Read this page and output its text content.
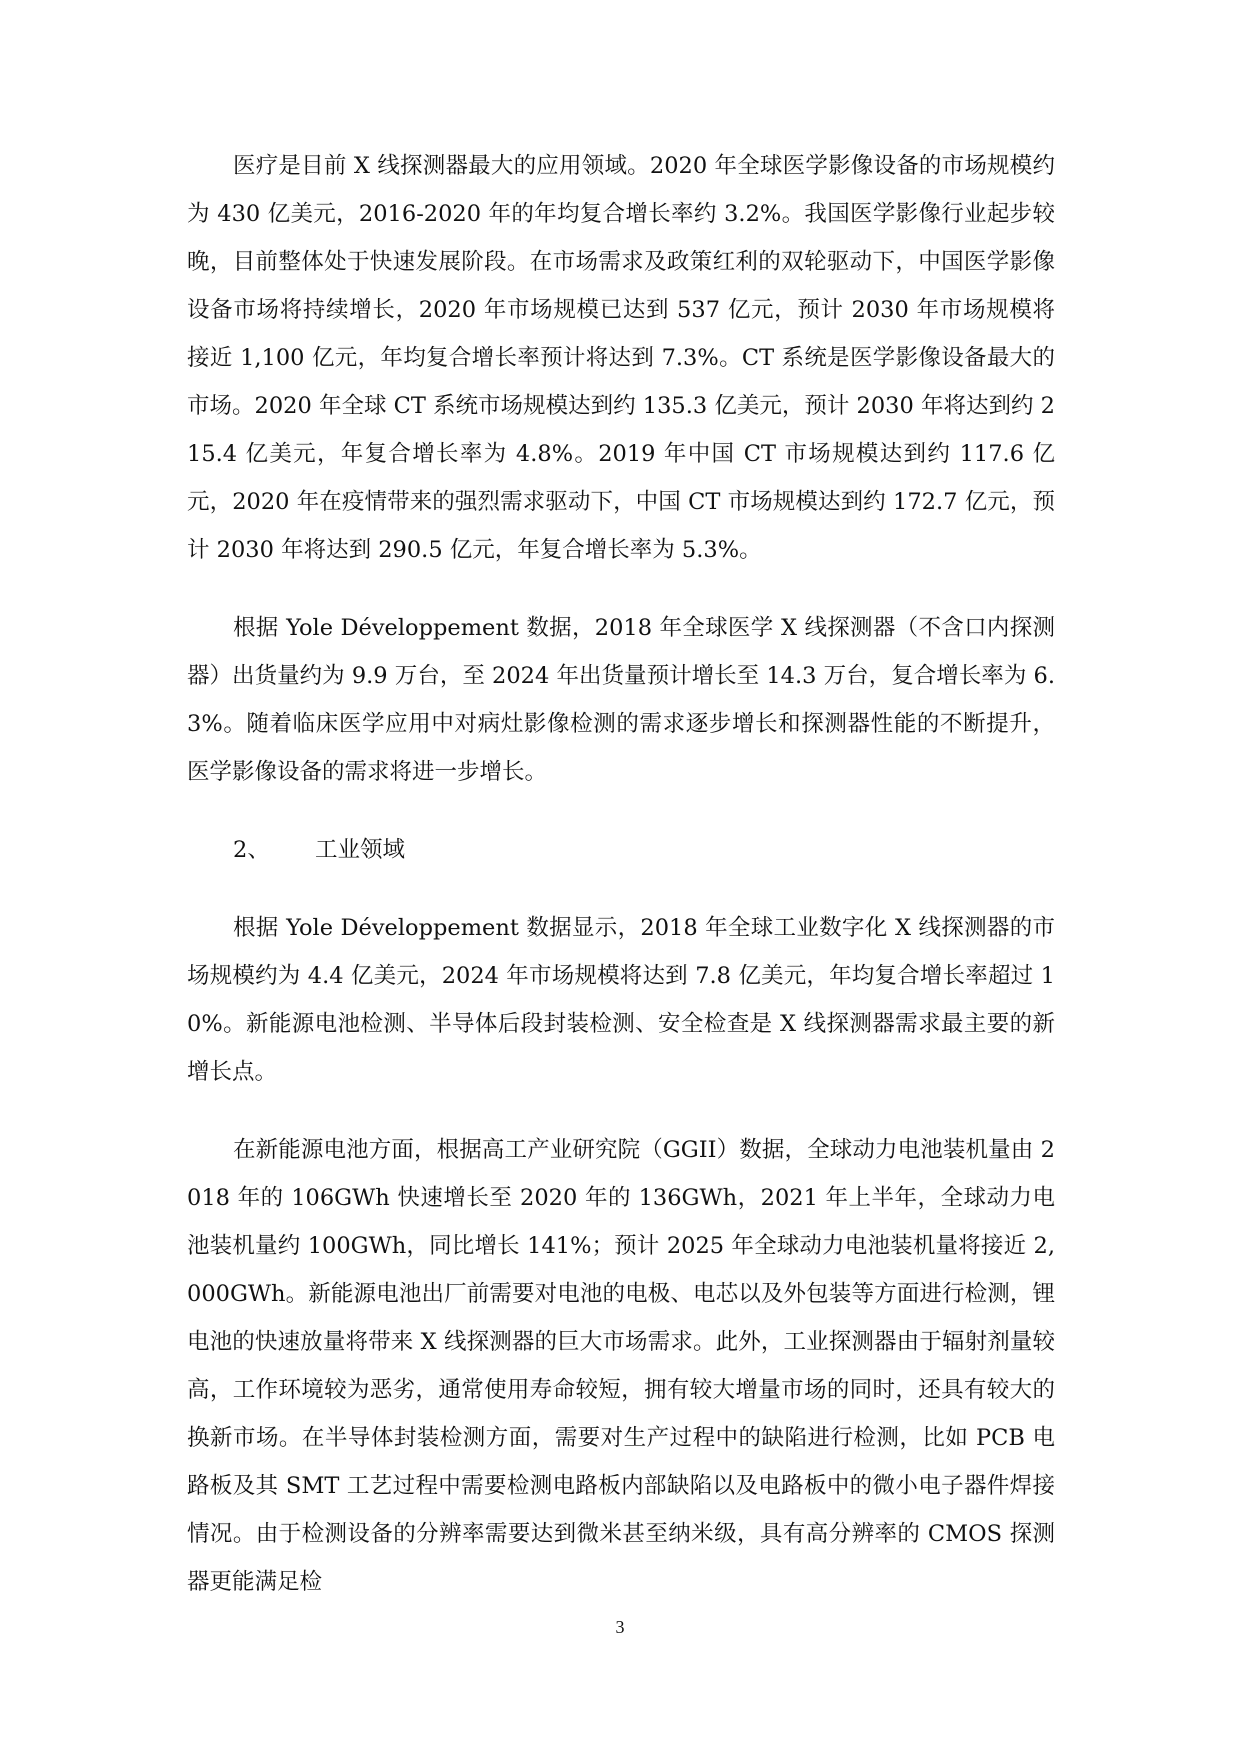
医疗是目前 X 线探测器最大的应用领域。2020 年全球医学影像设备的市场规模约为 430 亿美元，2016-2020 年的年均复合增长率约 3.2%。我国医学影像行业起步较晚，目前整体处于快速发展阶段。在市场需求及政策红利的双轮驱动下，中国医学影像设备市场将持续增长，2020 年市场规模已达到 537 亿元，预计 2030 年市场规模将接近 1,100 亿元，年均复合增长率预计将达到 7.3%。CT 系统是医学影像设备最大的市场。2020 年全球 CT 系统市场规模达到约 135.3 亿美元，预计 2030 年将达到约 215.4 亿美元，年复合增长率为 4.8%。2019 年中国 CT 市场规模达到约 117.6 亿元，2020 年在疫情带来的强烈需求驱动下，中国 CT 市场规模达到约 172.7 亿元，预计 2030 年将达到 290.5 亿元，年复合增长率为 5.3%。

根据 Yole Développement 数据，2018 年全球医学 X 线探测器（不含口内探测器）出货量约为 9.9 万台，至 2024 年出货量预计增长至 14.3 万台，复合增长率为 6.3%。随着临床医学应用中对病灶影像检测的需求逐步增长和探测器性能的不断提升，医学影像设备的需求将进一步增长。

2、 工业领域

根据 Yole Développement 数据显示，2018 年全球工业数字化 X 线探测器的市场规模约为 4.4 亿美元，2024 年市场规模将达到 7.8 亿美元，年均复合增长率超过 10%。新能源电池检测、半导体后段封装检测、安全检查是 X 线探测器需求最主要的新增长点。

在新能源电池方面，根据高工产业研究院（GGII）数据，全球动力电池装机量由 2018 年的 106GWh 快速增长至 2020 年的 136GWh，2021 年上半年，全球动力电池装机量约 100GWh，同比增长 141%；预计 2025 年全球动力电池装机量将接近 2,000GWh。新能源电池出厂前需要对电池的电极、电芯以及外包装等方面进行检测，锂电池的快速放量将带来 X 线探测器的巨大市场需求。此外，工业探测器由于辐射剂量较高，工作环境较为恶劣，通常使用寿命较短，拥有较大增量市场的同时，还具有较大的换新市场。在半导体封装检测方面，需要对生产过程中的缺陷进行检测，比如 PCB 电路板及其 SMT 工艺过程中需要检测电路板内部缺陷以及电路板中的微小电子器件焊接情况。由于检测设备的分辨率需要达到微米甚至纳米级，具有高分辨率的 CMOS 探测器更能满足检

3
